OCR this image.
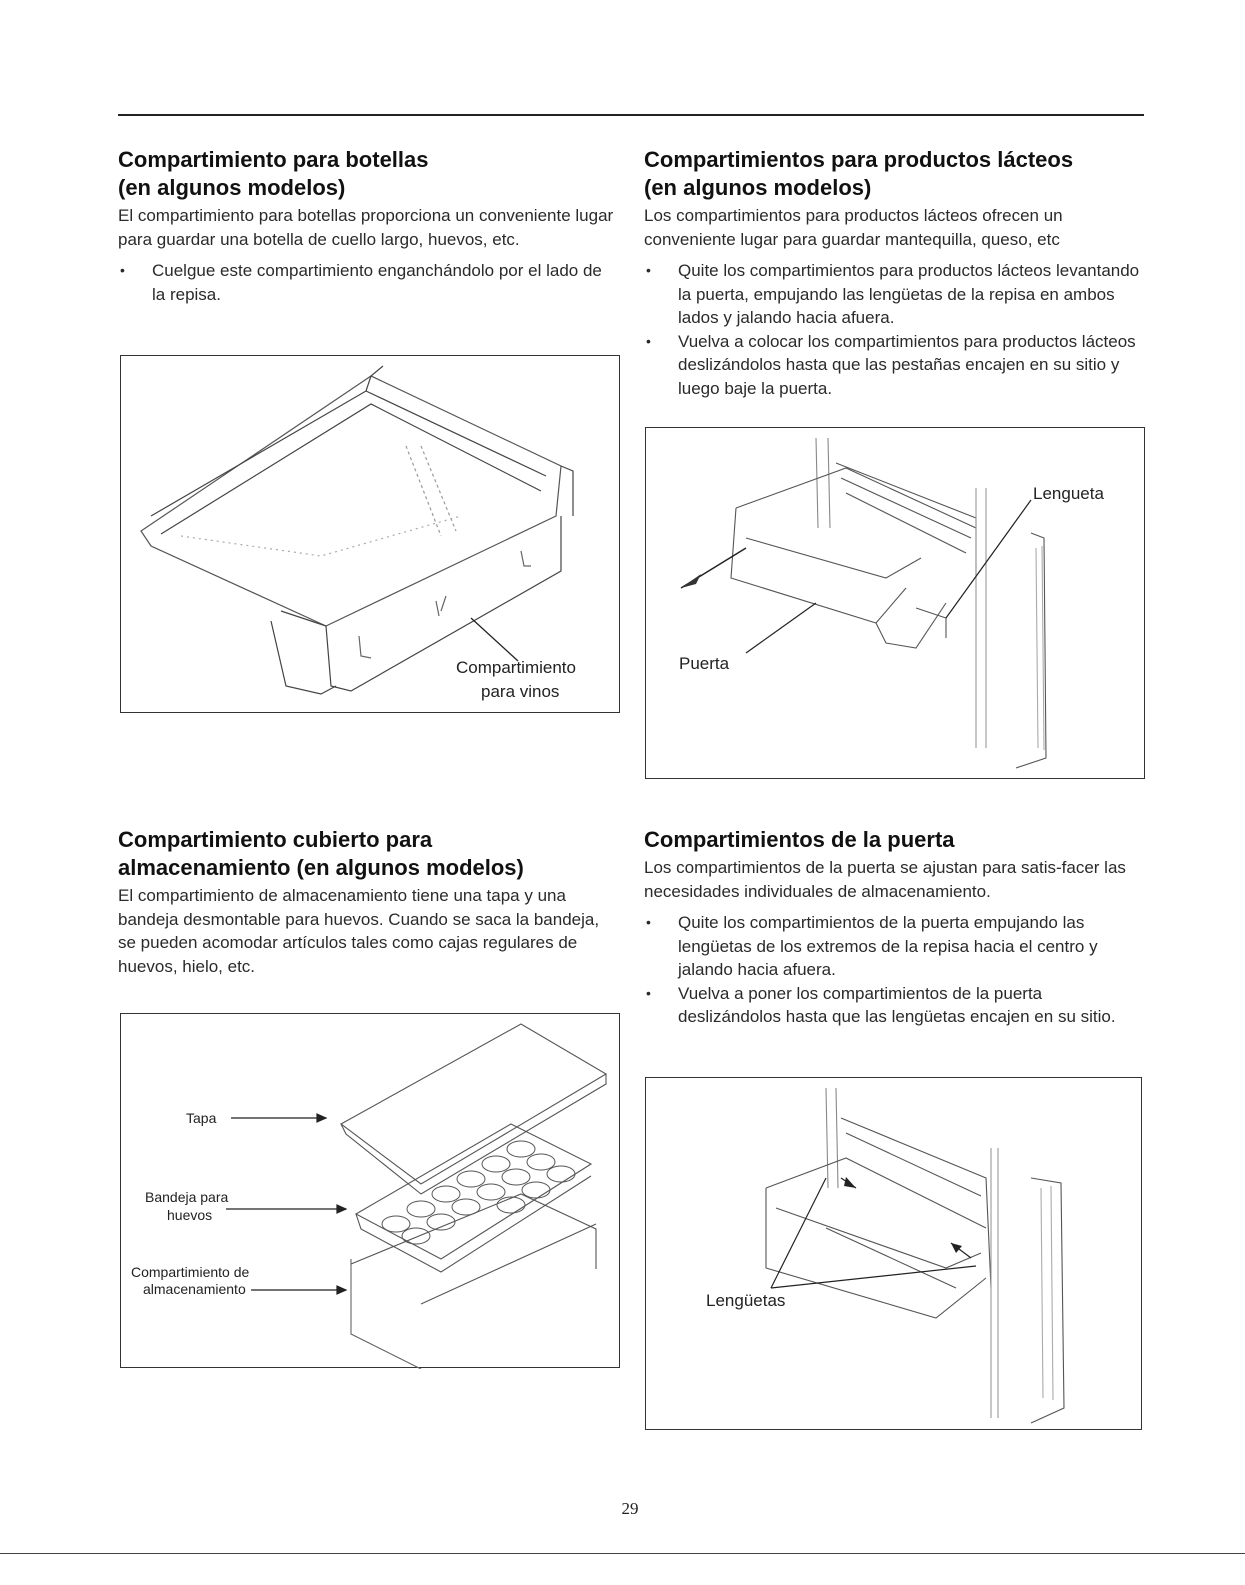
Compartimiento para botellas
(en algunos modelos)

El compartimiento para botellas proporciona un conveniente lugar para guardar una botella de cuello largo, huevos, etc.

• Cuelgue este compartimiento enganchándolo por el lado de la repisa.
Compartimiento
para vinos
Compartimientos para productos lácteos
(en algunos modelos)

Los compartimientos para productos lácteos ofrecen un conveniente lugar para guardar mantequilla, queso, etc

• Quite los compartimientos para productos lácteos levantando la puerta, empujando las lengüetas de la repisa en ambos lados y jalando hacia afuera.
• Vuelva a colocar los compartimientos para productos lácteos deslizándolos hasta que las pestañas encajen en su sitio y luego baje la puerta.
Lengueta
Puerta
Compartimiento cubierto para
almacenamiento (en algunos modelos)

El compartimiento de almacenamiento tiene una tapa y una bandeja desmontable para huevos. Cuando se saca la bandeja, se pueden acomodar artículos tales como cajas regulares de huevos, hielo, etc.

Tapa
Bandeja para
huevos
Compartimiento de
almacenamiento
Compartimientos de la puerta

Los compartimientos de la puerta se ajustan para satis-facer las necesidades individuales de almacenamiento.

• Quite los compartimientos de la puerta empujando las lengüetas de los extremos de la repisa hacia el centro y jalando hacia afuera.
• Vuelva a poner los compartimientos de la puerta deslizándolos hasta que las lengüetas encajen en su sitio.
Lengüetas
29
